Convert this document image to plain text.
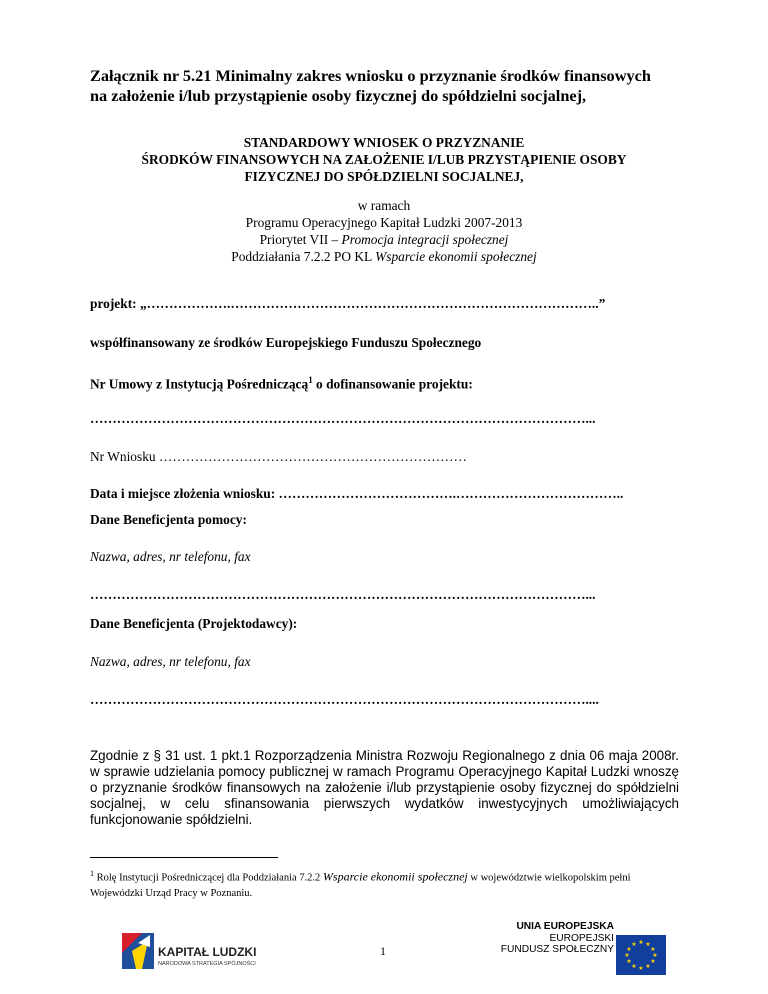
Załącznik nr 5.21 Minimalny zakres wniosku o przyznanie środków finansowych
na założenie i/lub przystąpienie osoby fizycznej do spółdzielni socjalnej,
STANDARDOWY WNIOSEK O PRZYZNANIE
ŚRODKÓW FINANSOWYCH NA ZAŁOŻENIE I/LUB PRZYSTĄPIENIE OSOBY
FIZYCZNEJ DO SPÓŁDZIELNI SOCJALNEJ,
w ramach
Programu Operacyjnego Kapitał Ludzki 2007-2013
Priorytet VII – Promocja integracji społecznej
Poddziałania 7.2.2 PO KL Wsparcie ekonomii społecznej
projekt: „……………….………………………………………………………………………..”
współfinansowany ze środków Europejskiego Funduszu Społecznego
Nr Umowy z Instytucją Pośredniczącą$^1$ o dofinansowanie projektu:
…………………………………………………………………………………………………...
Nr Wniosku ……………………………………………………………
Data i miejsce złożenia wniosku: ………………………………….………………………………..
Dane Beneficjenta pomocy:
Nazwa, adres, nr telefonu, fax
…………………………………………………………………………………………………...
Dane Beneficjenta (Projektodawcy):
Nazwa, adres, nr telefonu, fax
…………………………………………………………………………………………………....
Zgodnie z § 31 ust. 1 pkt.1 Rozporządzenia Ministra Rozwoju Regionalnego z dnia 06 maja 2008r.
w sprawie udzielania pomocy publicznej w ramach Programu Operacyjnego Kapitał Ludzki wnoszę
o przyznanie środków finansowych na założenie i/lub przystąpienie osoby fizycznej do spółdzielni
socjalnej, w celu sfinansowania pierwszych wydatków inwestycyjnych umożliwiających
funkcjonowanie spółdzielni.
$^1$ Rolę Instytucji Pośredniczącej dla Poddziałania 7.2.2 Wsparcie ekonomii społecznej w województwie wielkopolskim pełni
Wojewódzki Urząd Pracy w Poznaniu.
KAPITAŁ LUDZKI
NARODOWA STRATEGIA SPÓJNOŚCI
1
UNIA EUROPEJSKA
EUROPEJSKI
FUNDUSZ SPOŁECZNY
★ ★
★
★
★
★
★
★
★
★
★
★
